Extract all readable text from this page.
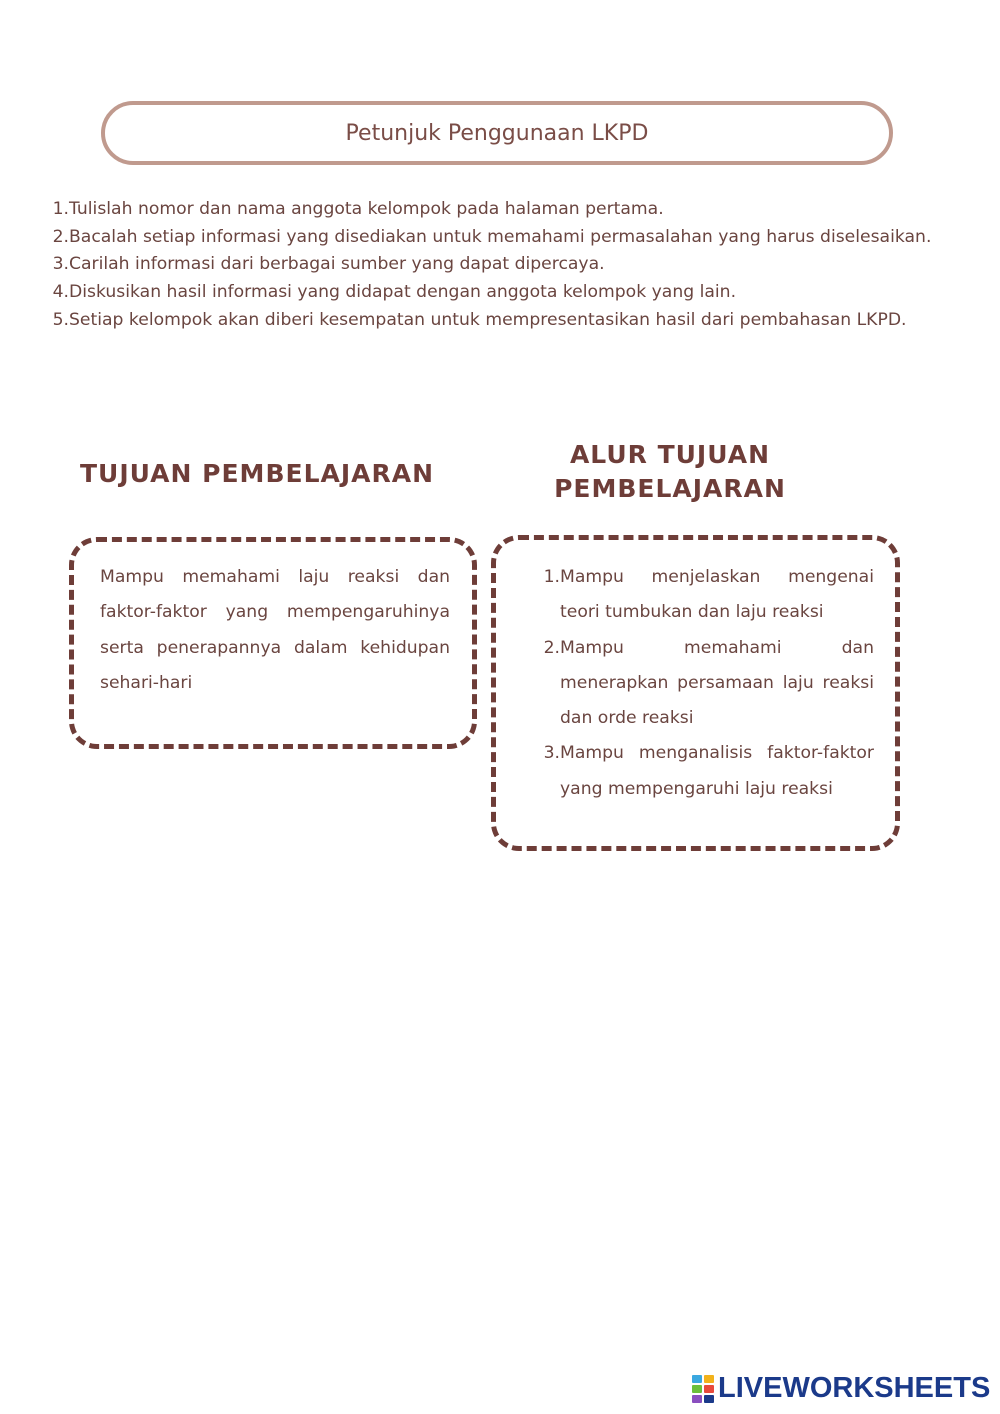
Petunjuk Penggunaan LKPD
1. Tulislah nomor dan nama anggota kelompok pada halaman pertama.
2. Bacalah setiap informasi yang disediakan untuk memahami permasalahan yang harus diselesaikan.
3. Carilah informasi dari berbagai sumber yang dapat dipercaya.
4. Diskusikan hasil informasi yang didapat dengan anggota kelompok yang lain.
5. Setiap kelompok akan diberi kesempatan untuk mempresentasikan hasil dari pembahasan LKPD.
TUJUAN PEMBELAJARAN
ALUR TUJUAN
PEMBELAJARAN
Mampu memahami laju reaksi dan faktor-faktor yang mempengaruhinya serta penerapannya dalam kehidupan sehari-hari
1. Mampu menjelaskan mengenai teori tumbukan dan laju reaksi
2. Mampu memahami dan menerapkan persamaan laju reaksi dan orde reaksi
3. Mampu menganalisis faktor-faktor yang mempengaruhi laju reaksi
LIVEWORKSHEETS
